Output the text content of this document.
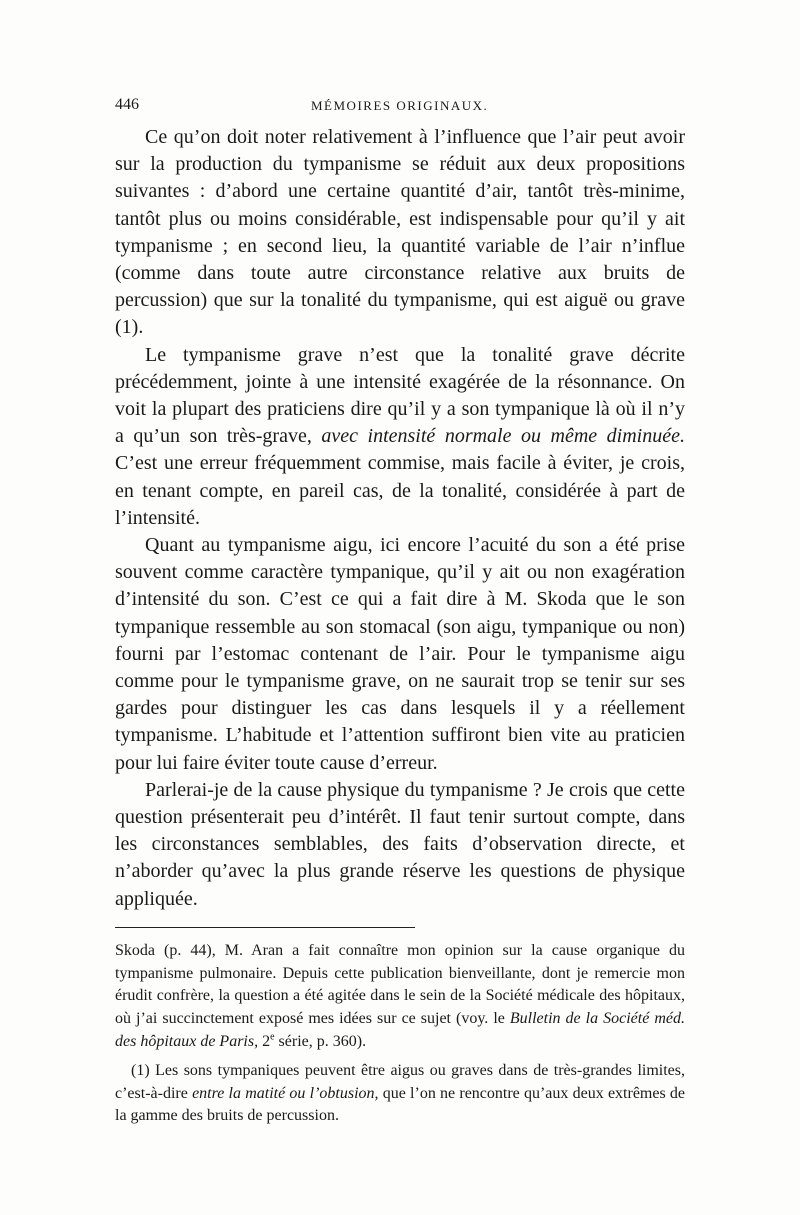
446	MÉMOIRES ORIGINAUX.

Ce qu’on doit noter relativement à l’influence que l’air peut avoir sur la production du tympanisme se réduit aux deux propositions suivantes : d’abord une certaine quantité d’air, tantôt très-minime, tantôt plus ou moins considérable, est indispensable pour qu’il y ait tympanisme ; en second lieu, la quantité variable de l’air n’influe (comme dans toute autre circonstance relative aux bruits de percussion) que sur la tonalité du tympanisme, qui est aiguë ou grave (1).

Le tympanisme grave n’est que la tonalité grave décrite précédemment, jointe à une intensité exagérée de la résonnance. On voit la plupart des praticiens dire qu’il y a son tympanique là où il n’y a qu’un son très-grave, avec intensité normale ou même diminuée. C’est une erreur fréquemment commise, mais facile à éviter, je crois, en tenant compte, en pareil cas, de la tonalité, considérée à part de l’intensité.

Quant au tympanisme aigu, ici encore l’acuité du son a été prise souvent comme caractère tympanique, qu’il y ait ou non exagération d’intensité du son. C’est ce qui a fait dire à M. Skoda que le son tympanique ressemble au son stomacal (son aigu, tympanique ou non) fourni par l’estomac contenant de l’air. Pour le tympanisme aigu comme pour le tympanisme grave, on ne saurait trop se tenir sur ses gardes pour distinguer les cas dans lesquels il y a réellement tympanisme. L’habitude et l’attention suffiront bien vite au praticien pour lui faire éviter toute cause d’erreur.

Parlerai-je de la cause physique du tympanisme ? Je crois que cette question présenterait peu d’intérêt. Il faut tenir surtout compte, dans les circonstances semblables, des faits d’observation directe, et n’aborder qu’avec la plus grande réserve les questions de physique appliquée.

Skoda (p. 44), M. Aran a fait connaître mon opinion sur la cause organique du tympanisme pulmonaire. Depuis cette publication bienveillante, dont je remercie mon érudit confrère, la question a été agitée dans le sein de la Société médicale des hôpitaux, où j’ai succinctement exposé mes idées sur ce sujet (voy. le Bulletin de la Société méd. des hôpitaux de Paris, 2e série, p. 360).

(1) Les sons tympaniques peuvent être aigus ou graves dans de très-grandes limites, c’est-à-dire entre la matité ou l’obtusion, que l’on ne rencontre qu’aux deux extrêmes de la gamme des bruits de percussion.
